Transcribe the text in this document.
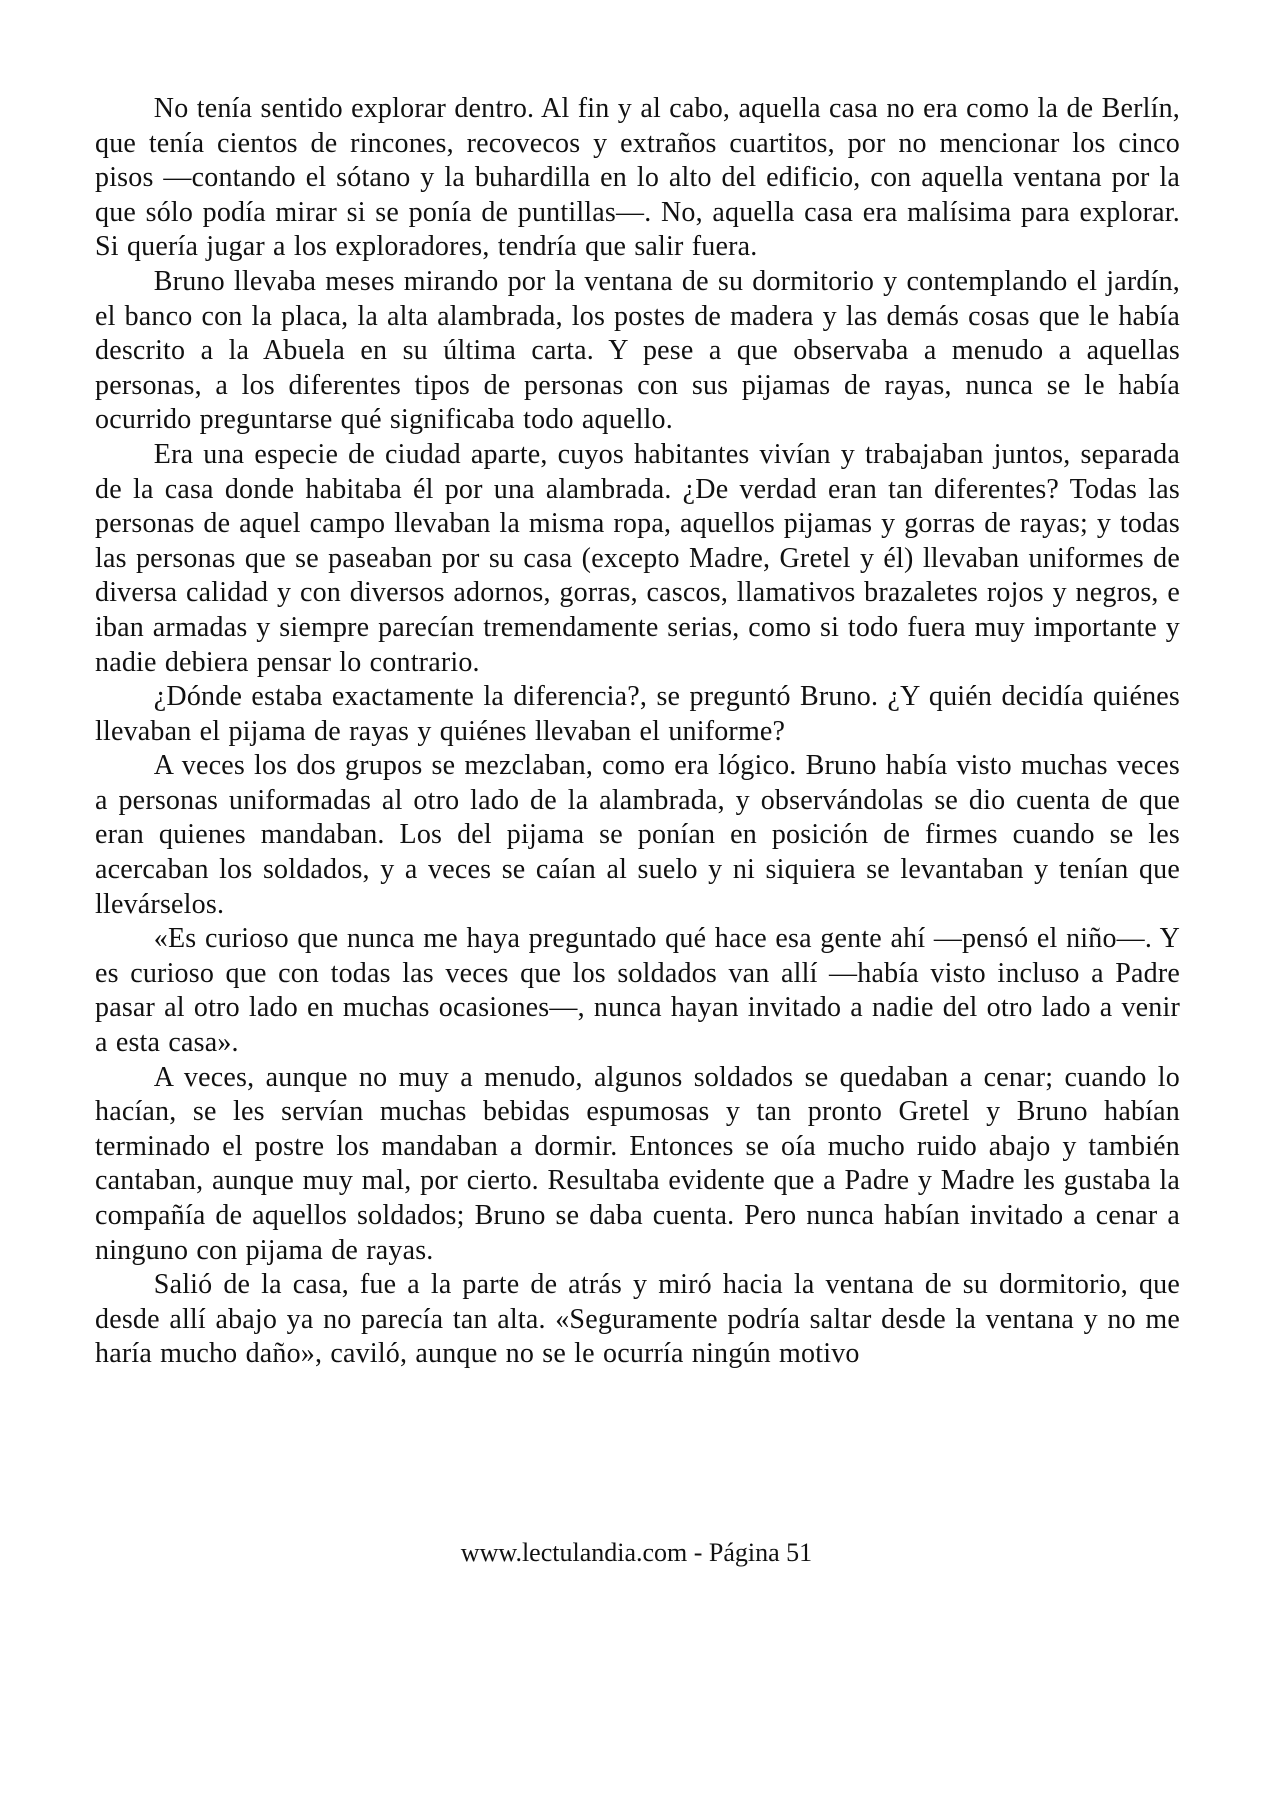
No tenía sentido explorar dentro. Al fin y al cabo, aquella casa no era como la de Berlín, que tenía cientos de rincones, recovecos y extraños cuartitos, por no mencionar los cinco pisos —contando el sótano y la buhardilla en lo alto del edificio, con aquella ventana por la que sólo podía mirar si se ponía de puntillas—. No, aquella casa era malísima para explorar. Si quería jugar a los exploradores, tendría que salir fuera.

Bruno llevaba meses mirando por la ventana de su dormitorio y contemplando el jardín, el banco con la placa, la alta alambrada, los postes de madera y las demás cosas que le había descrito a la Abuela en su última carta. Y pese a que observaba a menudo a aquellas personas, a los diferentes tipos de personas con sus pijamas de rayas, nunca se le había ocurrido preguntarse qué significaba todo aquello.

Era una especie de ciudad aparte, cuyos habitantes vivían y trabajaban juntos, separada de la casa donde habitaba él por una alambrada. ¿De verdad eran tan diferentes? Todas las personas de aquel campo llevaban la misma ropa, aquellos pijamas y gorras de rayas; y todas las personas que se paseaban por su casa (excepto Madre, Gretel y él) llevaban uniformes de diversa calidad y con diversos adornos, gorras, cascos, llamativos brazaletes rojos y negros, e iban armadas y siempre parecían tremendamente serias, como si todo fuera muy importante y nadie debiera pensar lo contrario.

¿Dónde estaba exactamente la diferencia?, se preguntó Bruno. ¿Y quién decidía quiénes llevaban el pijama de rayas y quiénes llevaban el uniforme?

A veces los dos grupos se mezclaban, como era lógico. Bruno había visto muchas veces a personas uniformadas al otro lado de la alambrada, y observándolas se dio cuenta de que eran quienes mandaban. Los del pijama se ponían en posición de firmes cuando se les acercaban los soldados, y a veces se caían al suelo y ni siquiera se levantaban y tenían que llevárselos.

«Es curioso que nunca me haya preguntado qué hace esa gente ahí —pensó el niño—. Y es curioso que con todas las veces que los soldados van allí —había visto incluso a Padre pasar al otro lado en muchas ocasiones—, nunca hayan invitado a nadie del otro lado a venir a esta casa».

A veces, aunque no muy a menudo, algunos soldados se quedaban a cenar; cuando lo hacían, se les servían muchas bebidas espumosas y tan pronto Gretel y Bruno habían terminado el postre los mandaban a dormir. Entonces se oía mucho ruido abajo y también cantaban, aunque muy mal, por cierto. Resultaba evidente que a Padre y Madre les gustaba la compañía de aquellos soldados; Bruno se daba cuenta. Pero nunca habían invitado a cenar a ninguno con pijama de rayas.

Salió de la casa, fue a la parte de atrás y miró hacia la ventana de su dormitorio, que desde allí abajo ya no parecía tan alta. «Seguramente podría saltar desde la ventana y no me haría mucho daño», caviló, aunque no se le ocurría ningún motivo

www.lectulandia.com - Página 51
